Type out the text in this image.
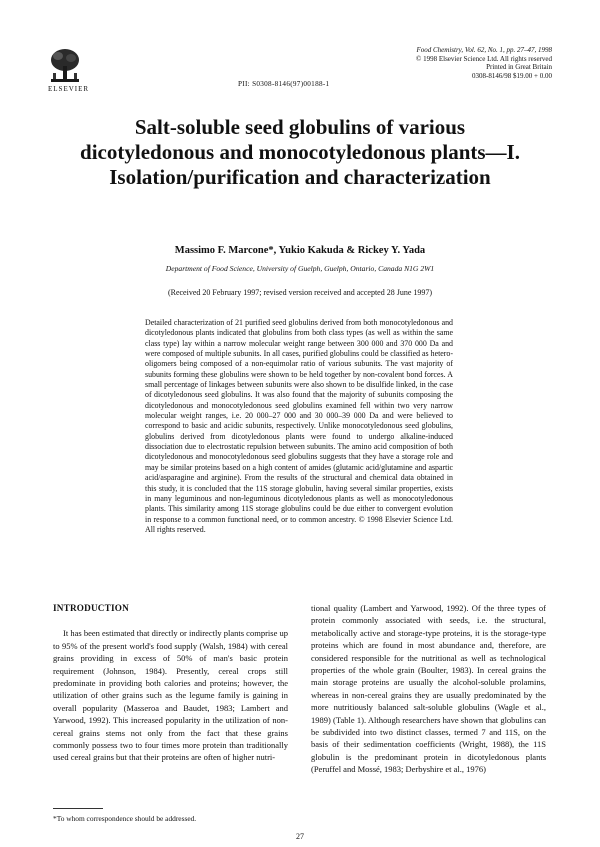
ELSEVIER
PII: S0308-8146(97)00188-1
Food Chemistry, Vol. 62, No. 1, pp. 27–47, 1998
© 1998 Elsevier Science Ltd. All rights reserved
Printed in Great Britain
0308-8146/98 $19.00 + 0.00
Salt-soluble seed globulins of various
dicotyledonous and monocotyledonous plants—I.
Isolation/purification and characterization
Massimo F. Marcone*, Yukio Kakuda & Rickey Y. Yada
Department of Food Science, University of Guelph, Guelph, Ontario, Canada N1G 2W1
(Received 20 February 1997; revised version received and accepted 28 June 1997)
Detailed characterization of 21 purified seed globulins derived from both monocotyledonous and dicotyledonous plants indicated that globulins from both class types (as well as within the same class type) lay within a narrow molecular weight range between 300 000 and 370 000 Da and were composed of multiple subunits. In all cases, purified globulins could be classified as hetero-oligomers being composed of a non-equimolar ratio of various subunits. The vast majority of subunits forming these globulins were shown to be held together by non-covalent bond forces. A small percentage of linkages between subunits were also shown to be disulfide linked, in the case of dicotyledonous seed globulins. It was also found that the majority of subunits composing the dicotyledonous and monocotyledonous seed globulins examined fell within two very narrow molecular weight ranges, i.e. 20 000–27 000 and 30 000–39 000 Da and were believed to correspond to basic and acidic subunits, respectively. Unlike monocotyledonous seed globulins, globulins derived from dicotyledonous plants were found to undergo alkaline-induced dissociation due to electrostatic repulsion between subunits. The amino acid composition of both dicotyledonous and monocotyledonous seed globulins suggests that they have a storage role and may be similar proteins based on a high content of amides (glutamic acid/glutamine and aspartic acid/asparagine and arginine). From the results of the structural and chemical data obtained in this study, it is concluded that the 11S storage globulin, having several similar properties, exists in many leguminous and non-leguminous dicotyledonous plants as well as monocotyledonous plants. This similarity among 11S storage globulins could be due either to convergent evolution in response to a common functional need, or to common ancestry. © 1998 Elsevier Science Ltd. All rights reserved.
INTRODUCTION

It has been estimated that directly or indirectly plants comprise up to 95% of the present world's food supply (Walsh, 1984) with cereal grains providing in excess of 50% of man's basic protein requirement (Johnson, 1984). Presently, cereal crops still predominate in providing both calories and proteins; however, the utilization of other grains such as the legume family is gaining in overall popularity (Masseroa and Baudet, 1983; Lambert and Yarwood, 1992). This increased popularity in the utilization of non-cereal grains stems not only from the fact that these grains commonly possess two to four times more protein than traditionally used cereal grains but that their proteins are often of higher nutri-

tional quality (Lambert and Yarwood, 1992). Of the three types of protein commonly associated with seeds, i.e. the structural, metabolically active and storage-type proteins, it is the storage-type proteins which are found in most abundance and, therefore, are considered responsible for the nutritional as well as technological properties of the whole grain (Boulter, 1983). In cereal grains the main storage proteins are usually the alcohol-soluble prolamins, whereas in non-cereal grains they are usually predominated by the more nutritiously balanced salt-soluble globulins (Wagle et al., 1989) (Table 1). Although researchers have shown that globulins can be subdivided into two distinct classes, termed 7 and 11S, on the basis of their sedimentation coefficients (Wright, 1988), the 11S globulin is the predominant protein in dicotyledonous plants (Peruffel and Mossé, 1983; Derbyshire et al., 1976)

*To whom correspondence should be addressed.
27
